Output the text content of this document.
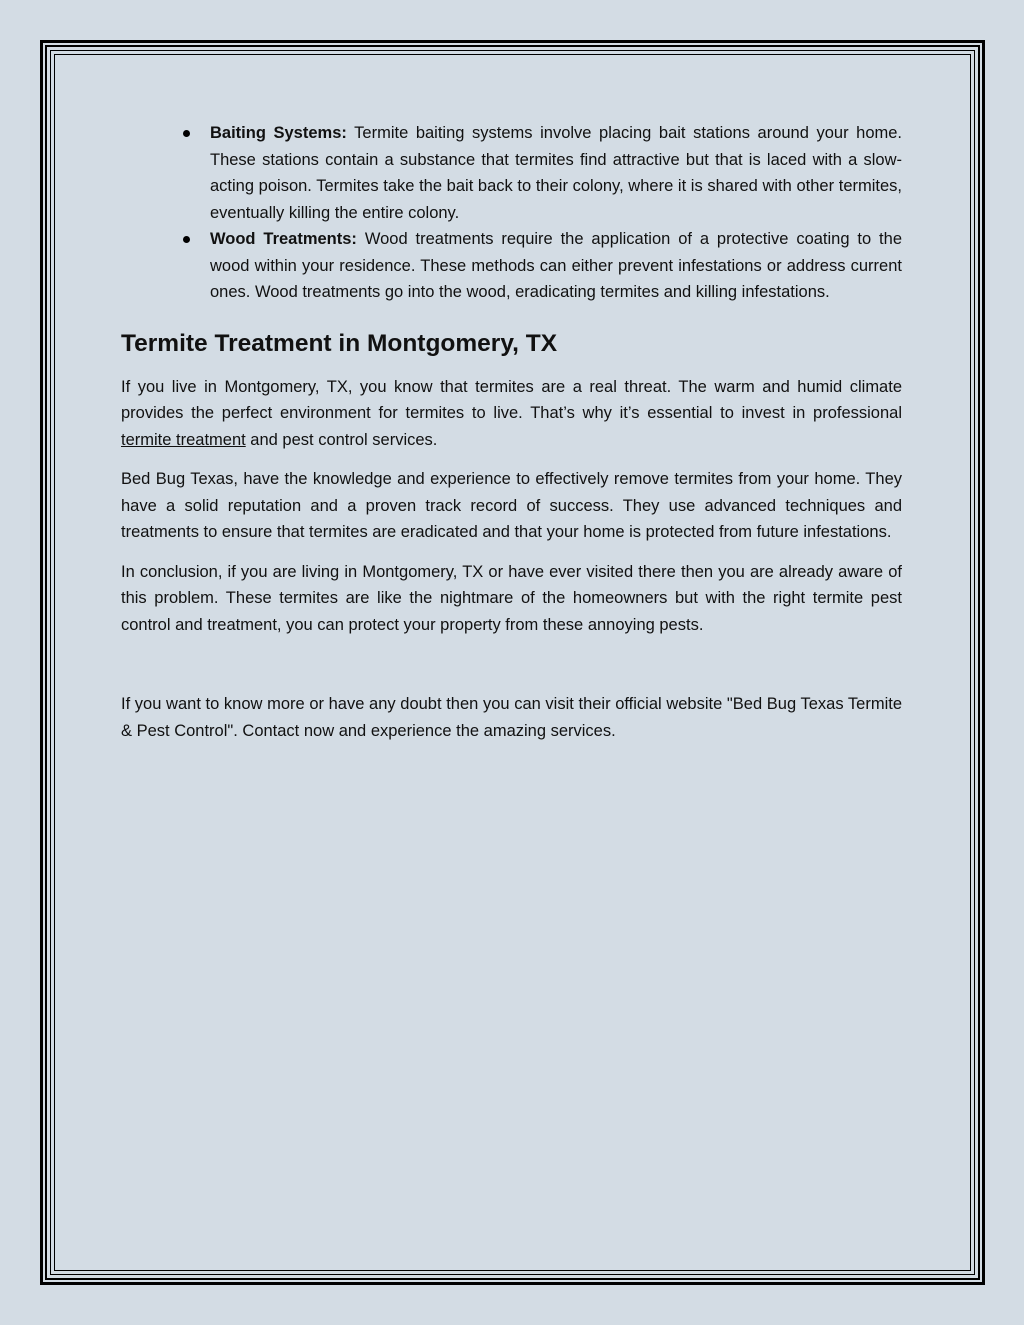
Baiting Systems: Termite baiting systems involve placing bait stations around your home. These stations contain a substance that termites find attractive but that is laced with a slow-acting poison. Termites take the bait back to their colony, where it is shared with other termites, eventually killing the entire colony.
Wood Treatments: Wood treatments require the application of a protective coating to the wood within your residence. These methods can either prevent infestations or address current ones. Wood treatments go into the wood, eradicating termites and killing infestations.
Termite Treatment in Montgomery, TX

If you live in Montgomery, TX, you know that termites are a real threat. The warm and humid climate provides the perfect environment for termites to live. That’s why it’s essential to invest in professional termite treatment and pest control services.

Bed Bug Texas, have the knowledge and experience to effectively remove termites from your home. They have a solid reputation and a proven track record of success. They use advanced techniques and treatments to ensure that termites are eradicated and that your home is protected from future infestations.

In conclusion, if you are living in Montgomery, TX or have ever visited there then you are already aware of this problem. These termites are like the nightmare of the homeowners but with the right termite pest control and treatment, you can protect your property from these annoying pests.

If you want to know more or have any doubt then you can visit their official website "Bed Bug Texas Termite & Pest Control". Contact now and experience the amazing services.
